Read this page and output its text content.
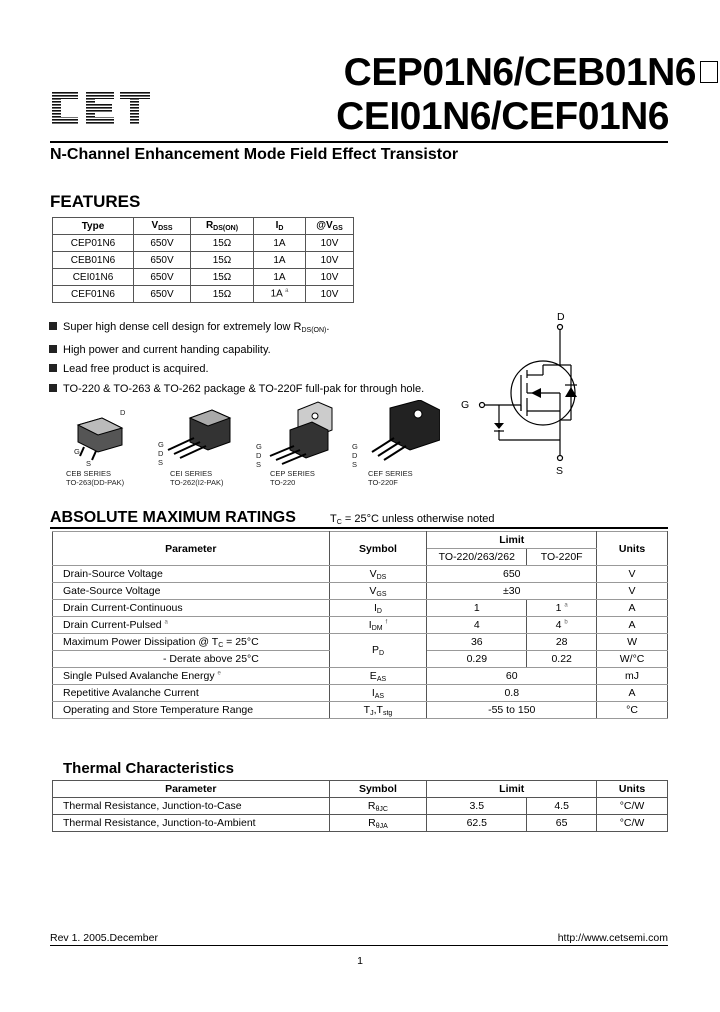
CEP01N6/CEB01N6
CEI01N6/CEF01N6
N-Channel Enhancement Mode Field Effect Transistor
FEATURES
Type	$V_{DSS}$	$R_{DS(ON)}$	$I_D$	$@V_{GS}$
CEP01N6	650V	15Ω	1A	10V
CEB01N6	650V	15Ω	1A	10V
CEI01N6	650V	15Ω	1A	10V
CEF01N6	650V	15Ω	1A $^a$	10V
Super high dense cell design for extremely low $R_{DS(ON)}$.
High power and current handing capability.
Lead free product is acquired.
TO-220 & TO-263 & TO-262 package & TO-220F full-pak for through hole.
D
G
S
CEB SERIES
TO-263(DD-PAK)
G D S
CEI SERIES
TO-262(I2-PAK)
G D S
CEP SERIES
TO-220
G D S
CEF SERIES
TO-220F
D
G
S
ABSOLUTE MAXIMUM RATINGS	$T_C = 25^\circ C$ unless otherwise noted
Parameter	Symbol	Limit		Units
		TO-220/263/262	TO-220F	
Drain-Source Voltage	$V_{DS}$	650		V
Gate-Source Voltage	$V_{GS}$	±30		V
Drain Current-Continuous	$I_D$	1	1 $^a$	A
Drain Current-Pulsed $^a$	$I_{DM}$ $^f$	4	4 $^b$	A
Maximum Power Dissipation @ $T_C = 25^\circ C$	$P_D$	36	28	W
- Derate above 25°C		0.29	0.22	W/°C
Single Pulsed Avalanche Energy $^e$	$E_{AS}$	60		mJ
Repetitive Avalanche Current	$I_{AS}$	0.8		A
Operating and Store Temperature Range	$T_J,T_{stg}$	-55 to 150		°C
Thermal Characteristics
Parameter	Symbol	Limit		Units
Thermal Resistance, Junction-to-Case	$R_{\theta JC}$	3.5	4.5	°C/W
Thermal Resistance, Junction-to-Ambient	$R_{\theta JA}$	62.5	65	°C/W
Rev 1. 2005.December	http://www.cetsemi.com
1
